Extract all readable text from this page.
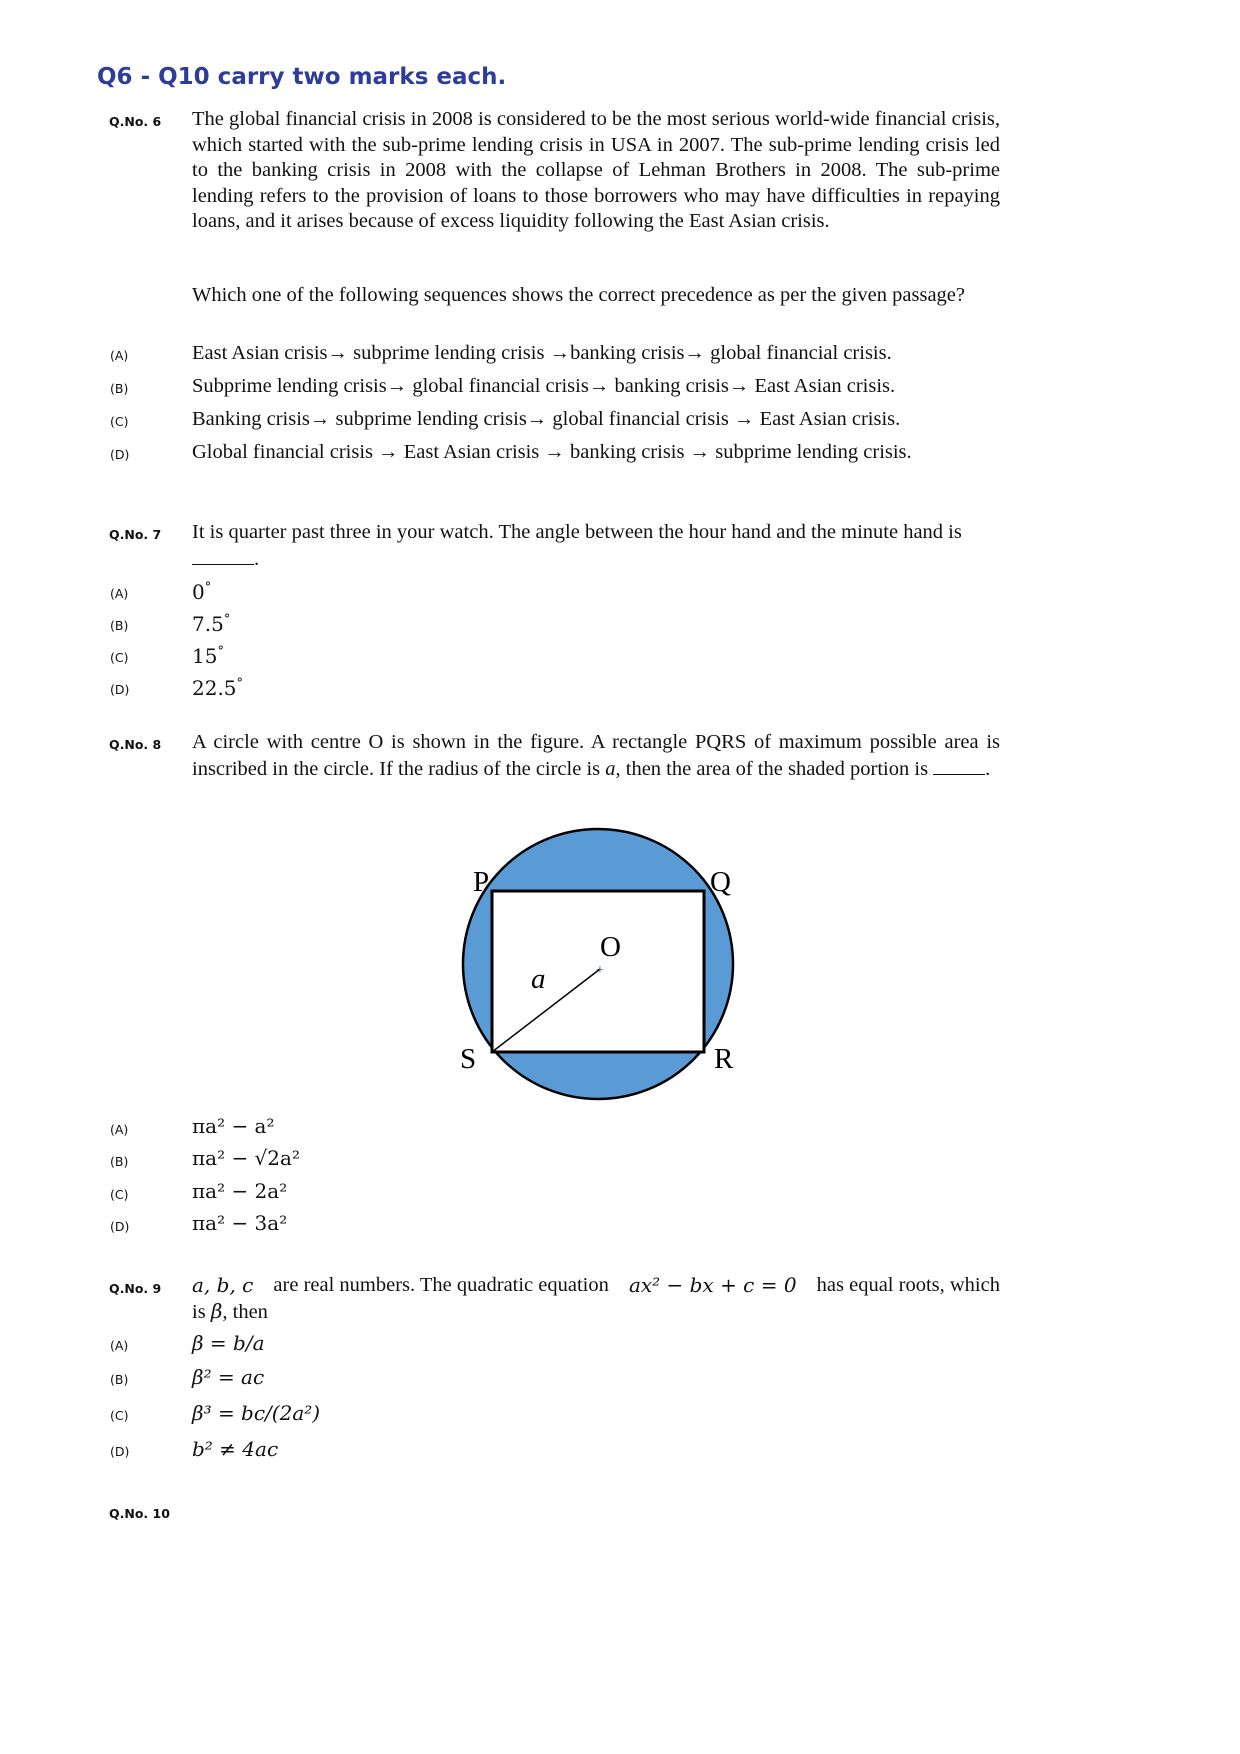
Q6 - Q10 carry two marks each.
Q.No. 6 The global financial crisis in 2008 is considered to be the most serious world-wide financial crisis, which started with the sub-prime lending crisis in USA in 2007. The sub-prime lending crisis led to the banking crisis in 2008 with the collapse of Lehman Brothers in 2008. The sub-prime lending refers to the provision of loans to those borrowers who may have difficulties in repaying loans, and it arises because of excess liquidity following the East Asian crisis.
Which one of the following sequences shows the correct precedence as per the given passage?
(A)	East Asian crisis→ subprime lending crisis →banking crisis→ global financial crisis.
(B)	Subprime lending crisis→ global financial crisis→ banking crisis→ East Asian crisis.
(C)	Banking crisis→ subprime lending crisis→ global financial crisis → East Asian crisis.
(D)	Global financial crisis → East Asian crisis → banking crisis → subprime lending crisis.
Q.No. 7 It is quarter past three in your watch. The angle between the hour hand and the minute hand is .
(A)	0°
(B)	7.5°
(C)	15°
(D)	22.5°
Q.No. 8 A circle with centre O is shown in the figure. A rectangle PQRS of maximum possible area is inscribed in the circle. If the radius of the circle is a, then the area of the shaded portion is	.
+
P	Q
R
S
O
a
(A)	πa² − a²
(B)	πa² − √2a²
(C)	πa² − 2a²
(D)	πa² − 3a²
Q.No. 9 a, b, c are real numbers. The quadratic equation ax² − bx + c = 0 has equal roots, which
is β, then
(A)	β = b/a
(B)	β² = ac
(C)	β³ = bc/(2a²)
(D)	b² ≠ 4ac
Q.No. 10
